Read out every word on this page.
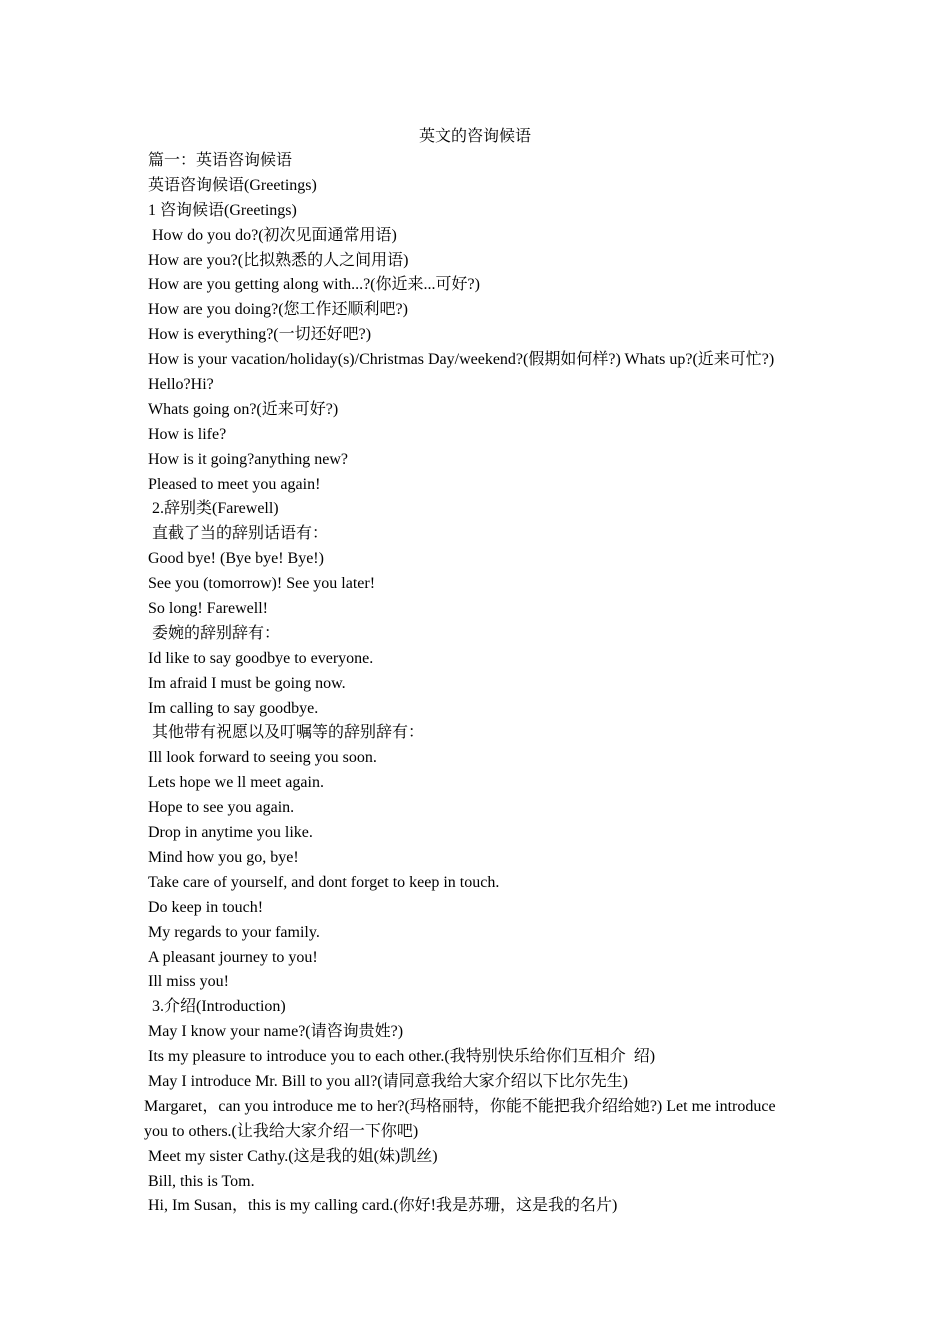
英文的咨询候语
篇一：英语咨询候语
英语咨询候语(Greetings)
1 咨询候语(Greetings)
How do you do?(初次见面通常用语)
How are you?(比拟熟悉的人之间用语)
How are you getting along with...?(你近来...可好?)
How are you doing?(您工作还顺利吧?)
How is everything?(一切还好吧?)
How is your vacation/holiday(s)/Christmas Day/weekend?(假期如何样?) Whats up?(近来可忙?)
Hello?Hi?
Whats going on?(近来可好?)
How is life?
How is it going?anything new?
Pleased to meet you again!
2.辞别类(Farewell)
直截了当的辞别话语有：
Good bye! (Bye bye! Bye!)
See you (tomorrow)! See you later!
So long! Farewell!
委婉的辞别辞有：
Id like to say goodbye to everyone.
Im afraid I must be going now.
Im calling to say goodbye.
其他带有祝愿以及叮嘱等的辞别辞有：
Ill look forward to seeing you soon.
Lets hope we ll meet again.
Hope to see you again.
Drop in anytime you like.
Mind how you go, bye!
Take care of yourself, and dont forget to keep in touch.
Do keep in touch!
My regards to your family.
A pleasant journey to you!
Ill miss you!
3.介绍(Introduction)
May I know your name?(请咨询贵姓?)
Its my pleasure to introduce you to each other.(我特别快乐给你们互相介  绍)
May I introduce Mr. Bill to you all?(请同意我给大家介绍以下比尔先生)
Margaret，can you introduce me to her?(玛格丽特，你能不能把我介绍给她?) Let me introduce
you to others.(让我给大家介绍一下你吧)
Meet my sister Cathy.(这是我的姐(妹)凯丝)
Bill, this is Tom.
Hi, Im Susan，this is my calling card.(你好!我是苏珊，这是我的名片)
